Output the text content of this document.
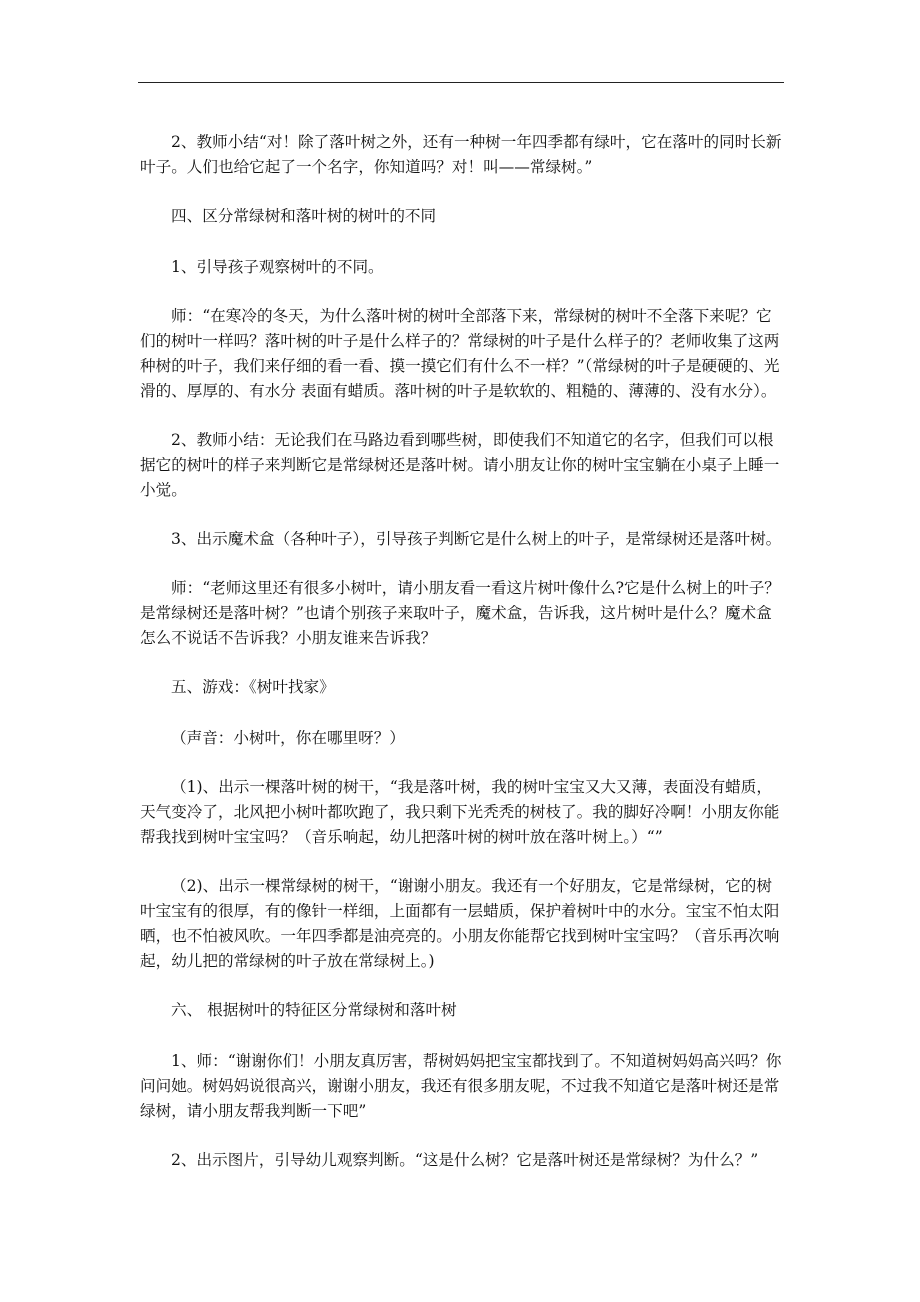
2、教师小结“对！除了落叶树之外，还有一种树一年四季都有绿叶，它在落叶的同时长新叶子。人们也给它起了一个名字，你知道吗？对！叫——常绿树。”

四、区分常绿树和落叶树的树叶的不同

1、引导孩子观察树叶的不同。

师：“在寒冷的冬天，为什么落叶树的树叶全部落下来，常绿树的树叶不全落下来呢？它们的树叶一样吗？落叶树的叶子是什么样子的？常绿树的叶子是什么样子的？老师收集了这两种树的叶子，我们来仔细的看一看、摸一摸它们有什么不一样？”（常绿树的叶子是硬硬的、光滑的、厚厚的、有水分 表面有蜡质。落叶树的叶子是软软的、粗糙的、薄薄的、没有水分）。

2、教师小结：无论我们在马路边看到哪些树，即使我们不知道它的名字，但我们可以根据它的树叶的样子来判断它是常绿树还是落叶树。请小朋友让你的树叶宝宝躺在小桌子上睡一小觉。

3、出示魔术盒（各种叶子），引导孩子判断它是什么树上的叶子，是常绿树还是落叶树。

师：“老师这里还有很多小树叶，请小朋友看一看这片树叶像什么?它是什么树上的叶子？是常绿树还是落叶树？”也请个别孩子来取叶子，魔术盒，告诉我，这片树叶是什么？魔术盒怎么不说话不告诉我？小朋友谁来告诉我？

五、游戏：《树叶找家》

（声音：小树叶，你在哪里呀？）

（1)、出示一棵落叶树的树干，“我是落叶树，我的树叶宝宝又大又薄，表面没有蜡质，天气变冷了，北风把小树叶都吹跑了，我只剩下光秃秃的树枝了。我的脚好冷啊！小朋友你能帮我找到树叶宝宝吗？（音乐响起，幼儿把落叶树的树叶放在落叶树上。）“”

（2)、出示一棵常绿树的树干，“谢谢小朋友。我还有一个好朋友，它是常绿树，它的树叶宝宝有的很厚，有的像针一样细，上面都有一层蜡质，保护着树叶中的水分。宝宝不怕太阳晒，也不怕被风吹。一年四季都是油亮亮的。小朋友你能帮它找到树叶宝宝吗？（音乐再次响起，幼儿把的常绿树的叶子放在常绿树上。)

六、 根据树叶的特征区分常绿树和落叶树

1、师：“谢谢你们！小朋友真厉害，帮树妈妈把宝宝都找到了。不知道树妈妈高兴吗？你问问她。树妈妈说很高兴，谢谢小朋友，我还有很多朋友呢，不过我不知道它是落叶树还是常绿树，请小朋友帮我判断一下吧”

2、出示图片，引导幼儿观察判断。“这是什么树？它是落叶树还是常绿树？为什么？”
